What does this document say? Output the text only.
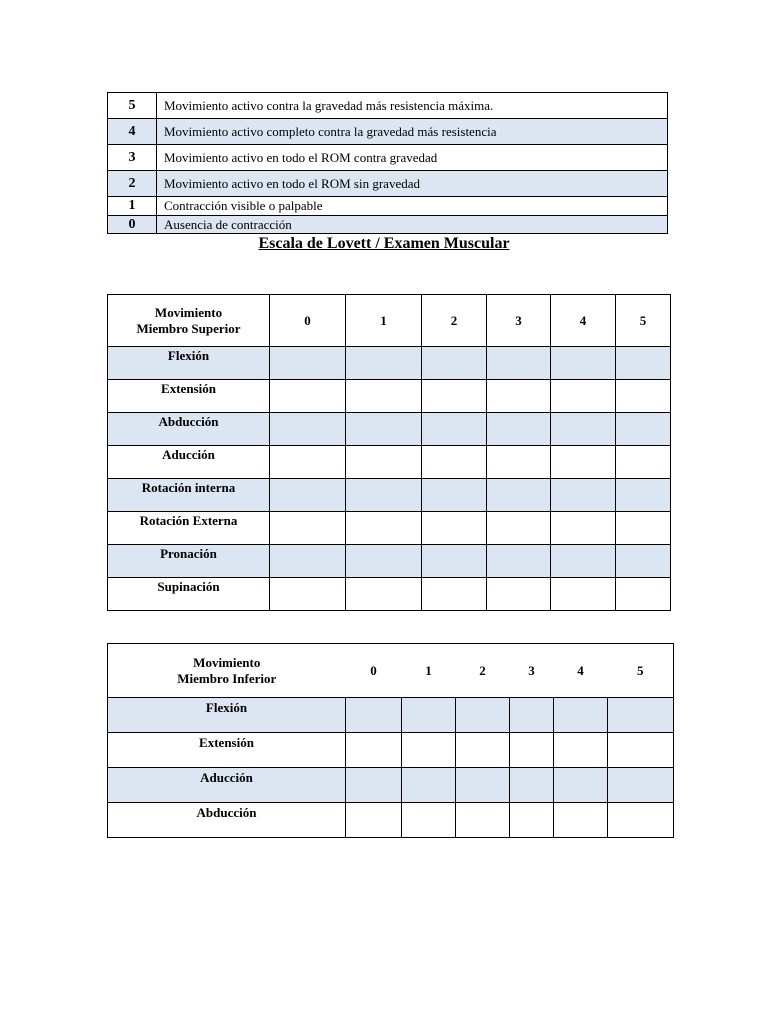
5	Movimiento activo contra la gravedad más resistencia máxima.
4	Movimiento activo completo contra la gravedad más resistencia
3	Movimiento activo en todo el ROM contra gravedad
2	Movimiento activo en todo el ROM sin gravedad
1	Contracción visible o palpable
0	Ausencia de contracción
Escala de Lovett / Examen Muscular
Movimiento
Miembro Superior	0	1	2	3	4	5
Flexión						
Extensión						
Abducción						
Aducción						
Rotación interna						
Rotación Externa						
Pronación						
Supinación						
Movimiento
Miembro Inferior	0	1	2	3	4	5
Flexión						
Extensión						
Aducción						
Abducción						
